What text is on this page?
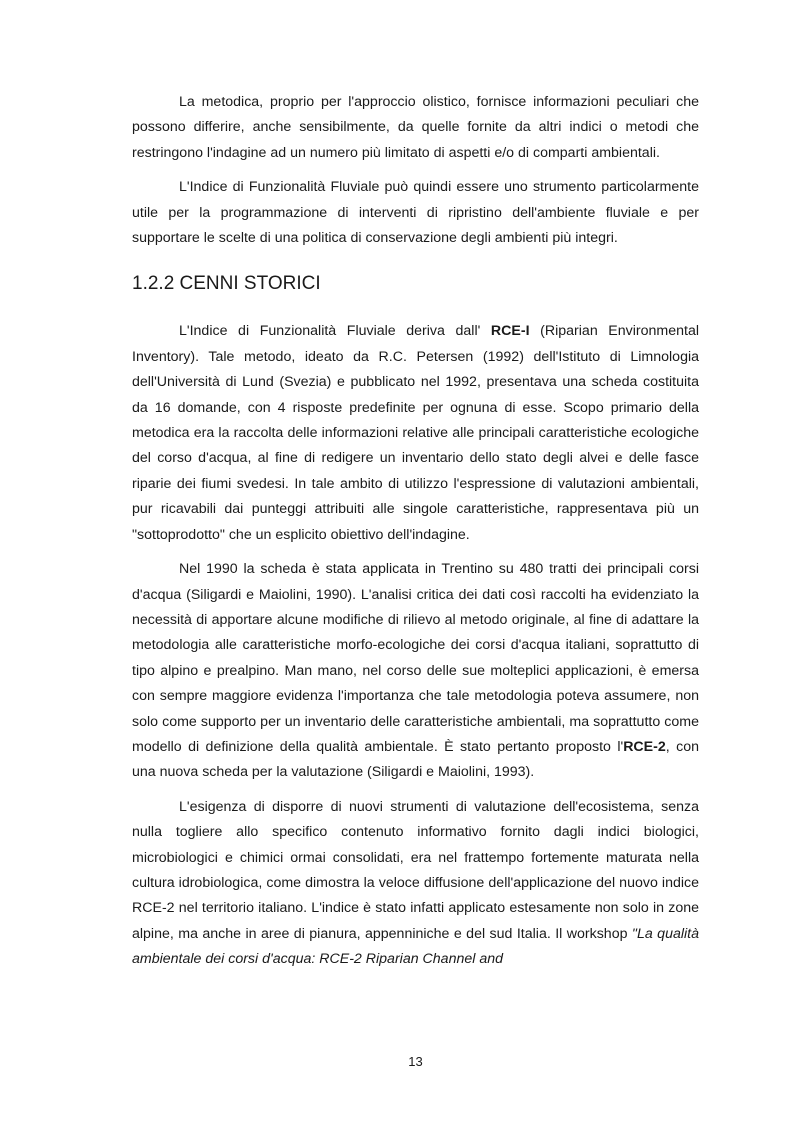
La metodica, proprio per l'approccio olistico, fornisce informazioni peculiari che possono differire, anche sensibilmente, da quelle fornite da altri indici o metodi che restringono l'indagine ad un numero più limitato di aspetti e/o di comparti ambientali.

L'Indice di Funzionalità Fluviale può quindi essere uno strumento particolarmente utile per la programmazione di interventi di ripristino dell'ambiente fluviale e per supportare le scelte di una politica di conservazione degli ambienti più integri.

1.2.2 CENNI STORICI

L'Indice di Funzionalità Fluviale deriva dall' RCE-I (Riparian Environmental Inventory). Tale metodo, ideato da R.C. Petersen (1992) dell'Istituto di Limnologia dell'Università di Lund (Svezia) e pubblicato nel 1992, presentava una scheda costituita da 16 domande, con 4 risposte predefinite per ognuna di esse. Scopo primario della metodica era la raccolta delle informazioni relative alle principali caratteristiche ecologiche del corso d'acqua, al fine di redigere un inventario dello stato degli alvei e delle fasce riparie dei fiumi svedesi. In tale ambito di utilizzo l'espressione di valutazioni ambientali, pur ricavabili dai punteggi attribuiti alle singole caratteristiche, rappresentava più un "sottoprodotto" che un esplicito obiettivo dell'indagine.

Nel 1990 la scheda è stata applicata in Trentino su 480 tratti dei principali corsi d'acqua (Siligardi e Maiolini, 1990). L'analisi critica dei dati così raccolti ha evidenziato la necessità di apportare alcune modifiche di rilievo al metodo originale, al fine di adattare la metodologia alle caratteristiche morfo-ecologiche dei corsi d'acqua italiani, soprattutto di tipo alpino e prealpino. Man mano, nel corso delle sue molteplici applicazioni, è emersa con sempre maggiore evidenza l'importanza che tale metodologia poteva assumere, non solo come supporto per un inventario delle caratteristiche ambientali, ma soprattutto come modello di definizione della qualità ambientale. È stato pertanto proposto l'RCE-2, con una nuova scheda per la valutazione (Siligardi e Maiolini, 1993).

L'esigenza di disporre di nuovi strumenti di valutazione dell'ecosistema, senza nulla togliere allo specifico contenuto informativo fornito dagli indici biologici, microbiologici e chimici ormai consolidati, era nel frattempo fortemente maturata nella cultura idrobiologica, come dimostra la veloce diffusione dell'applicazione del nuovo indice RCE-2 nel territorio italiano. L'indice è stato infatti applicato estesamente non solo in zone alpine, ma anche in aree di pianura, appenniniche e del sud Italia. Il workshop "La qualità ambientale dei corsi d'acqua: RCE-2 Riparian Channel and

13
